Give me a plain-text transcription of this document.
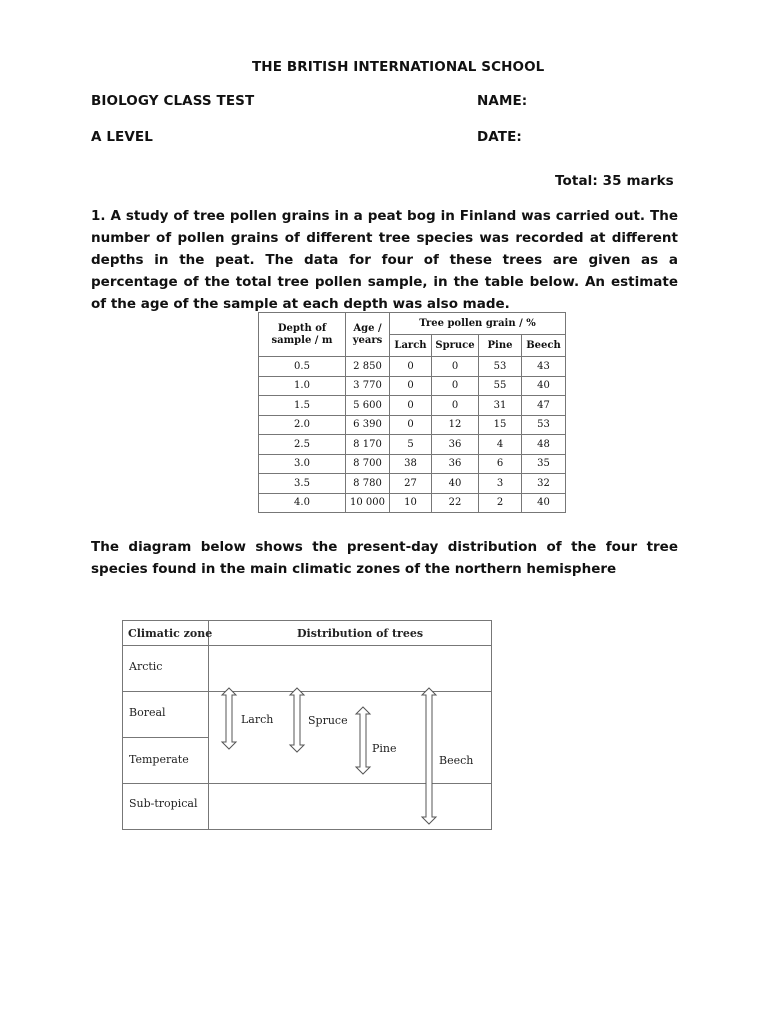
THE BRITISH INTERNATIONAL SCHOOL
BIOLOGY CLASS TEST	NAME:
A LEVEL	DATE:
Total: 35 marks
1. A study of tree pollen grains in a peat bog in Finland was carried out. The number of pollen grains of different tree species was recorded at different depths in the peat. The data for four of these trees are given as a percentage of the total tree pollen sample, in the table below. An estimate of the age of the sample at each depth was also made.
Depth of sample / m	Age / years	Tree pollen grain / %			
		Larch	Spruce	Pine	Beech
0.5	2 850	0	0	53	43
1.0	3 770	0	0	55	40
1.5	5 600	0	0	31	47
2.0	6 390	0	12	15	53
2.5	8 170	5	36	4	48
3.0	8 700	38	36	6	35
3.5	8 780	27	40	3	32
4.0	10 000	10	22	2	40
The diagram below shows the present-day distribution of the four tree species found in the main climatic zones of the northern hemisphere
Climatic zone	Distribution of trees
Arctic
Boreal
Temperate
Sub-tropical
Larch	Spruce
Pine
Beech
